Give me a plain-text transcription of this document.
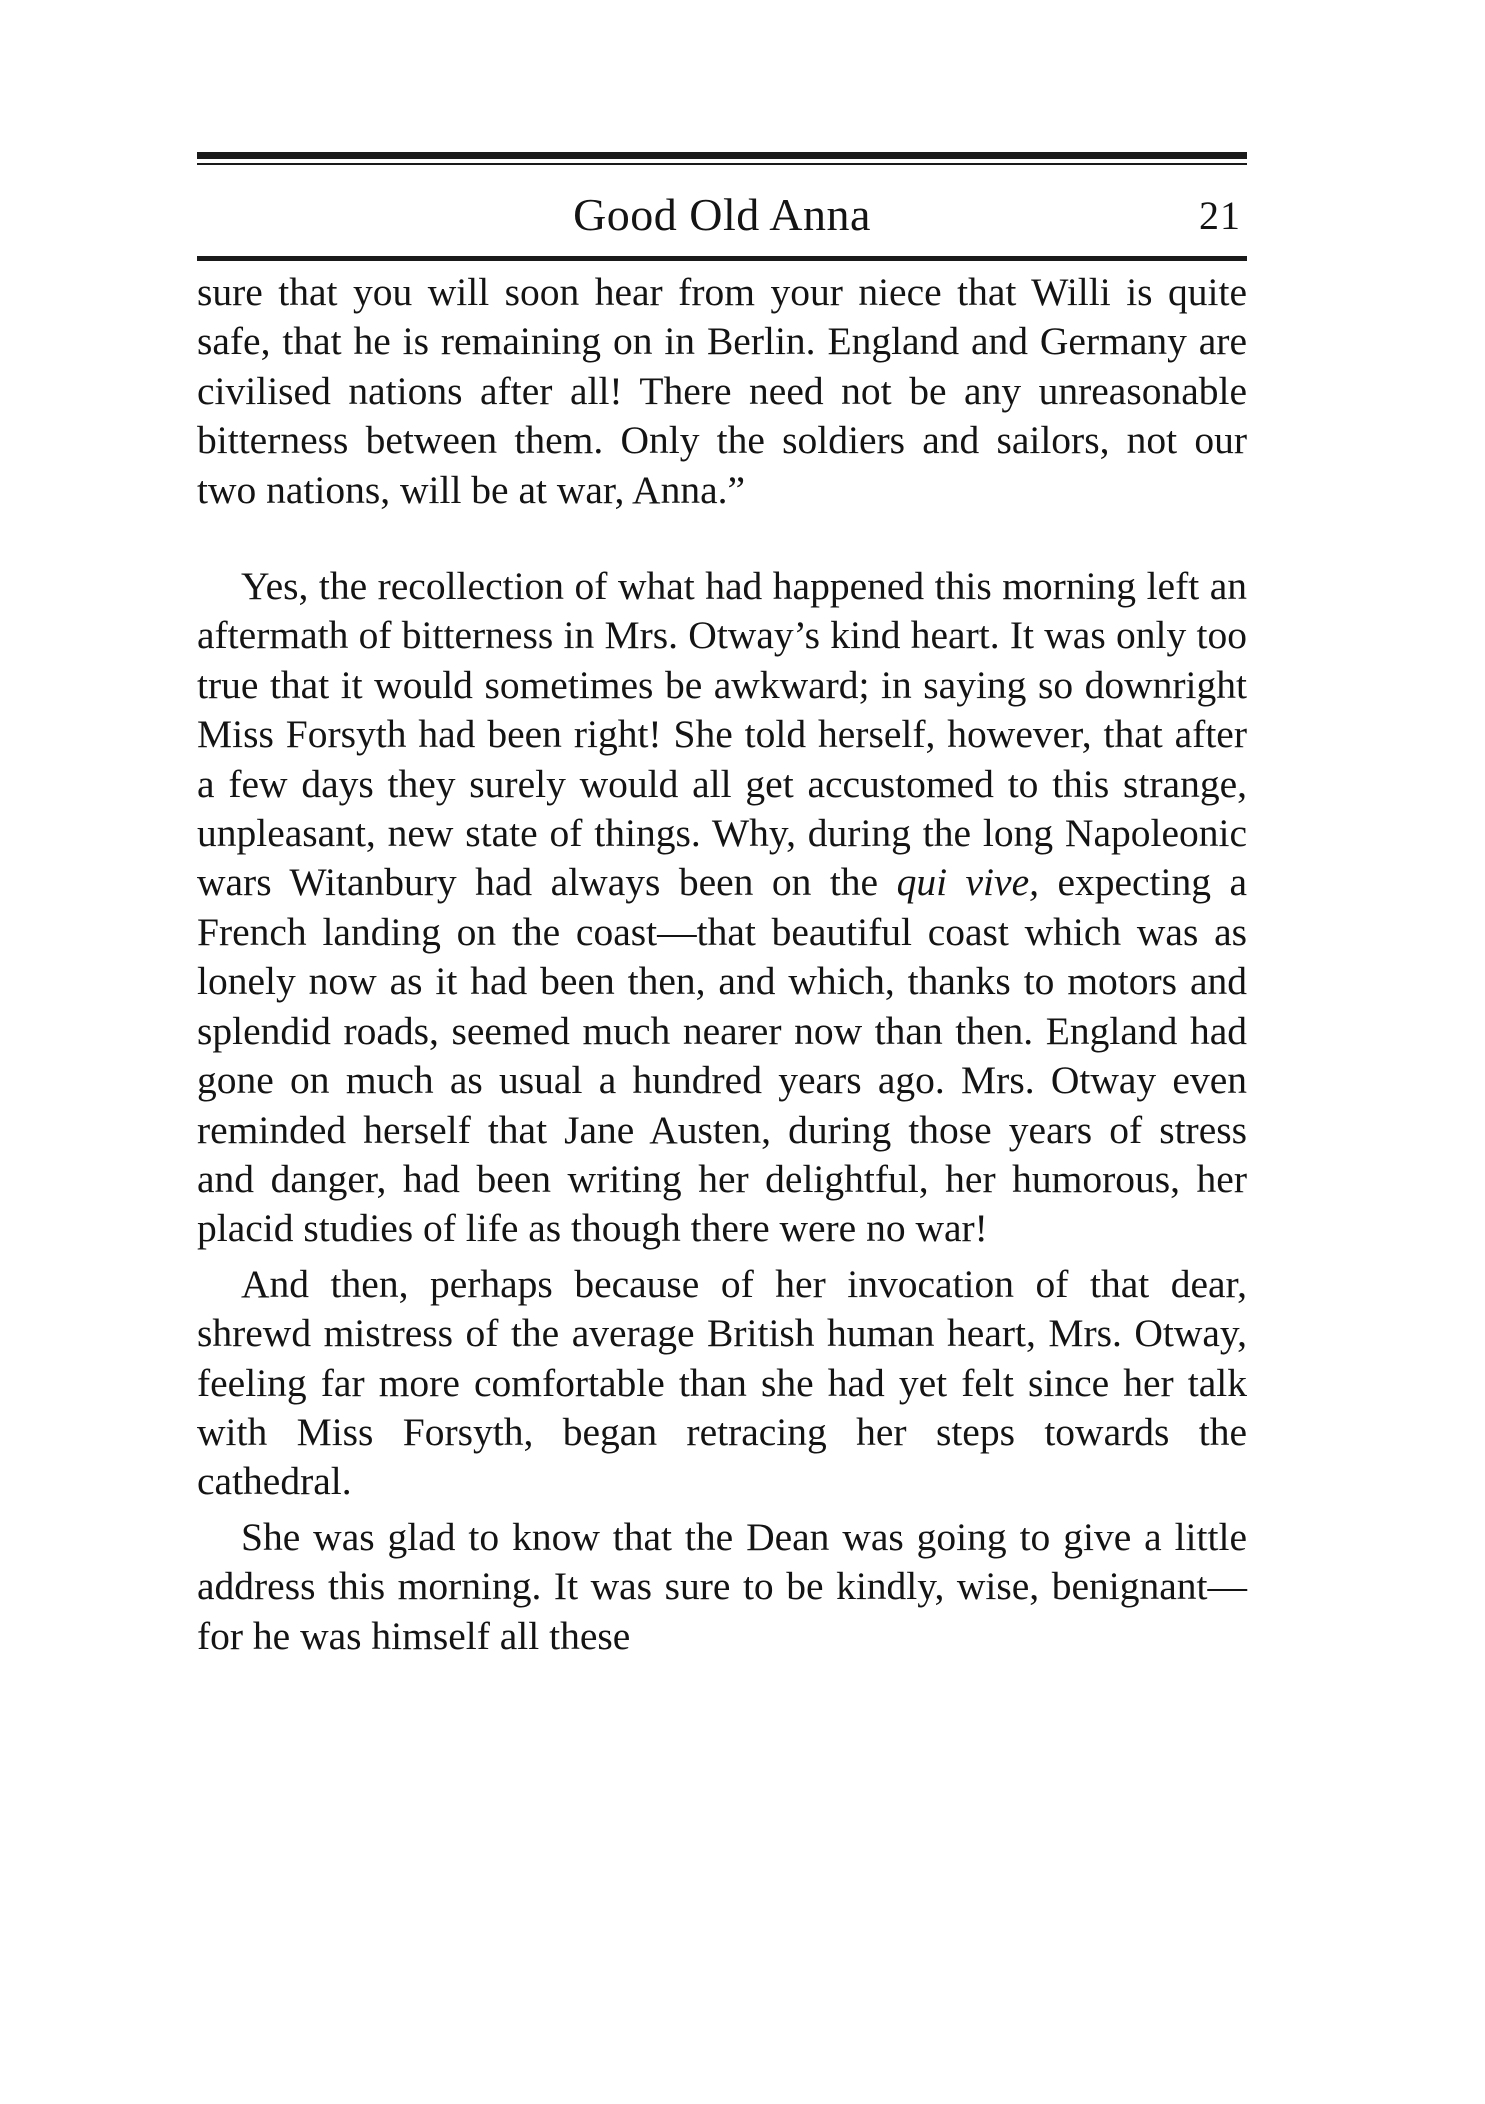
Good Old Anna	21

sure that you will soon hear from your niece that Willi is quite safe, that he is remaining on in Berlin. England and Germany are civilised nations after all! There need not be any unreasonable bitterness between them. Only the soldiers and sailors, not our two nations, will be at war, Anna.”

Yes, the recollection of what had happened this morning left an aftermath of bitterness in Mrs. Otway’s kind heart. It was only too true that it would sometimes be awkward; in saying so downright Miss Forsyth had been right! She told herself, however, that after a few days they surely would all get accustomed to this strange, unpleasant, new state of things. Why, during the long Napoleonic wars Witanbury had always been on the qui vive, expecting a French landing on the coast—that beautiful coast which was as lonely now as it had been then, and which, thanks to motors and splendid roads, seemed much nearer now than then. England had gone on much as usual a hundred years ago. Mrs. Otway even reminded herself that Jane Austen, during those years of stress and danger, had been writing her delightful, her humorous, her placid studies of life as though there were no war!

And then, perhaps because of her invocation of that dear, shrewd mistress of the average British human heart, Mrs. Otway, feeling far more comfortable than she had yet felt since her talk with Miss Forsyth, began retracing her steps towards the cathedral.

She was glad to know that the Dean was going to give a little address this morning. It was sure to be kindly, wise, benignant—for he was himself all these
